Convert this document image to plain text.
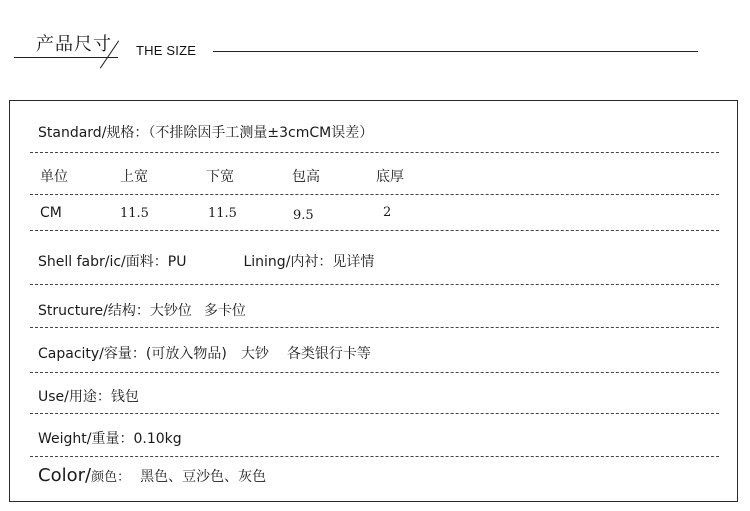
产品尺寸 THE SIZE
Standard/规格：（不排除因手工测量±3cmCM误差）
单位	上宽	下宽	包高	底厚
CM	11.5	11.5	9.5	2
Shell fabr/ic/面料：PU	Lining/内衬：见详情
Structure/结构：大钞位 多卡位
Capacity/容量：(可放入物品) 大钞 各类银行卡等
Use/用途：钱包
Weight/重量：0.10kg
Color/颜色： 黑色、豆沙色、灰色
